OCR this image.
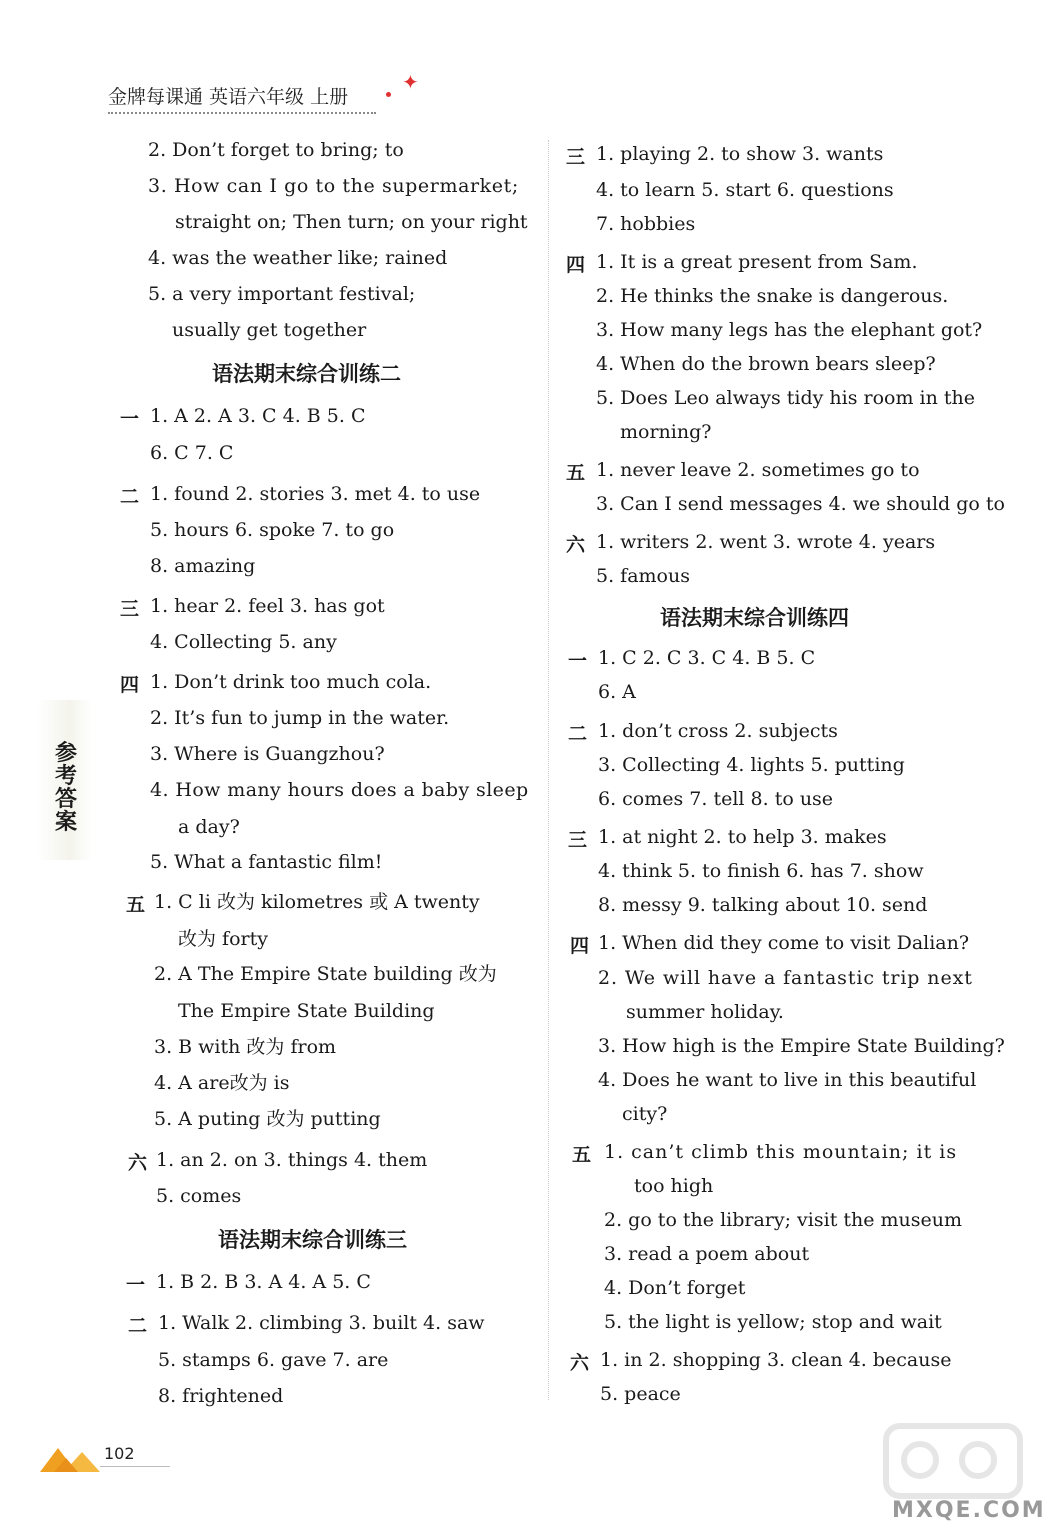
金牌每课通 英语六年级 上册
✦
参考答案
2. Don’t forget to bring; to
3. How can I go to the supermarket;
straight on; Then turn; on your right
4. was the weather like; rained
5. a very important festival;
usually get together
语法期末综合训练二
一 1. A 2. A 3. C 4. B 5. C
6. C 7. C
二 1. found 2. stories 3. met 4. to use
5. hours 6. spoke 7. to go
8. amazing
三 1. hear 2. feel 3. has got
4. Collecting 5. any
四 1. Don’t drink too much cola.
2. It’s fun to jump in the water.
3. Where is Guangzhou?
4. How many hours does a baby sleep
a day?
5. What a fantastic film!
五 1. C li 改为 kilometres 或 A twenty
改为 forty
2. A The Empire State building 改为
The Empire State Building
3. B with 改为 from
4. A are改为 is
5. A puting 改为 putting
六 1. an 2. on 3. things 4. them
5. comes
语法期末综合训练三
一 1. B 2. B 3. A 4. A 5. C
二 1. Walk 2. climbing 3. built 4. saw
5. stamps 6. gave 7. are
8. frightened
三 1. playing 2. to show 3. wants
4. to learn 5. start 6. questions
7. hobbies
四 1. It is a great present from Sam.
2. He thinks the snake is dangerous.
3. How many legs has the elephant got?
4. When do the brown bears sleep?
5. Does Leo always tidy his room in the
morning?
五 1. never leave 2. sometimes go to
3. Can I send messages 4. we should go to
六 1. writers 2. went 3. wrote 4. years
5. famous
语法期末综合训练四
一 1. C 2. C 3. C 4. B 5. C
6. A
二 1. don’t cross 2. subjects
3. Collecting 4. lights 5. putting
6. comes 7. tell 8. to use
三 1. at night 2. to help 3. makes
4. think 5. to finish 6. has 7. show
8. messy 9. talking about 10. send
四 1. When did they come to visit Dalian?
2. We will have a fantastic trip next
summer holiday.
3. How high is the Empire State Building?
4. Does he want to live in this beautiful
city?
五 1. can’t climb this mountain; it is
too high
2. go to the library; visit the museum
3. read a poem about
4. Don’t forget
5. the light is yellow; stop and wait
六 1. in 2. shopping 3. clean 4. because
5. peace
102
MXQE.COM
